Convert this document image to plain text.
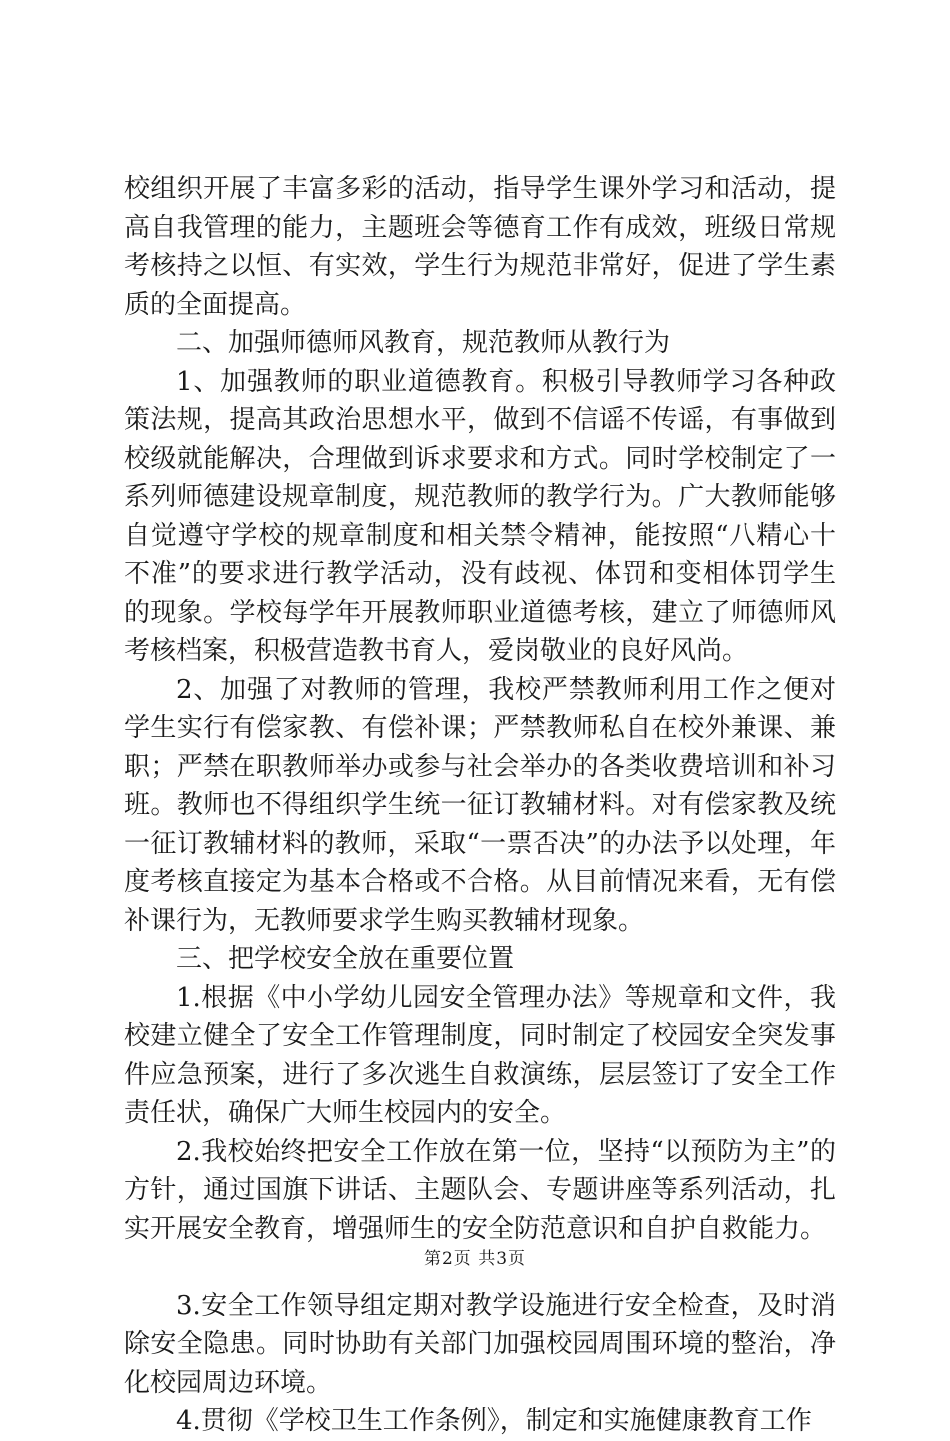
校组织开展了丰富多彩的活动，指导学生课外学习和活动，提高自我管理的能力，主题班会等德育工作有成效，班级日常规考核持之以恒、有实效，学生行为规范非常好，促进了学生素质的全面提高。

二、加强师德师风教育，规范教师从教行为

1、加强教师的职业道德教育。积极引导教师学习各种政策法规，提高其政治思想水平，做到不信谣不传谣，有事做到校级就能解决，合理做到诉求要求和方式。同时学校制定了一系列师德建设规章制度，规范教师的教学行为。广大教师能够自觉遵守学校的规章制度和相关禁令精神，能按照“八精心十不准”的要求进行教学活动，没有歧视、体罚和变相体罚学生的现象。学校每学年开展教师职业道德考核，建立了师德师风考核档案，积极营造教书育人，爱岗敬业的良好风尚。

2、加强了对教师的管理，我校严禁教师利用工作之便对学生实行有偿家教、有偿补课；严禁教师私自在校外兼课、兼职；严禁在职教师举办或参与社会举办的各类收费培训和补习班。教师也不得组织学生统一征订教辅材料。对有偿家教及统一征订教辅材料的教师，采取“一票否决”的办法予以处理，年度考核直接定为基本合格或不合格。从目前情况来看，无有偿补课行为，无教师要求学生购买教辅材现象。

三、把学校安全放在重要位置

1.根据《中小学幼儿园安全管理办法》等规章和文件，我校建立健全了安全工作管理制度，同时制定了校园安全突发事件应急预案，进行了多次逃生自救演练，层层签订了安全工作责任状，确保广大师生校园内的安全。

2.我校始终把安全工作放在第一位，坚持“以预防为主”的方针，通过国旗下讲话、主题队会、专题讲座等系列活动，扎实开展安全教育，增强师生的安全防范意识和自护自救能力。

3.安全工作领导组定期对教学设施进行安全检查，及时消除安全隐患。同时协助有关部门加强校园周围环境的整治，净化校园周边环境。

4.贯彻《学校卫生工作条例》，制定和实施健康教育工作

第2页 共3页
